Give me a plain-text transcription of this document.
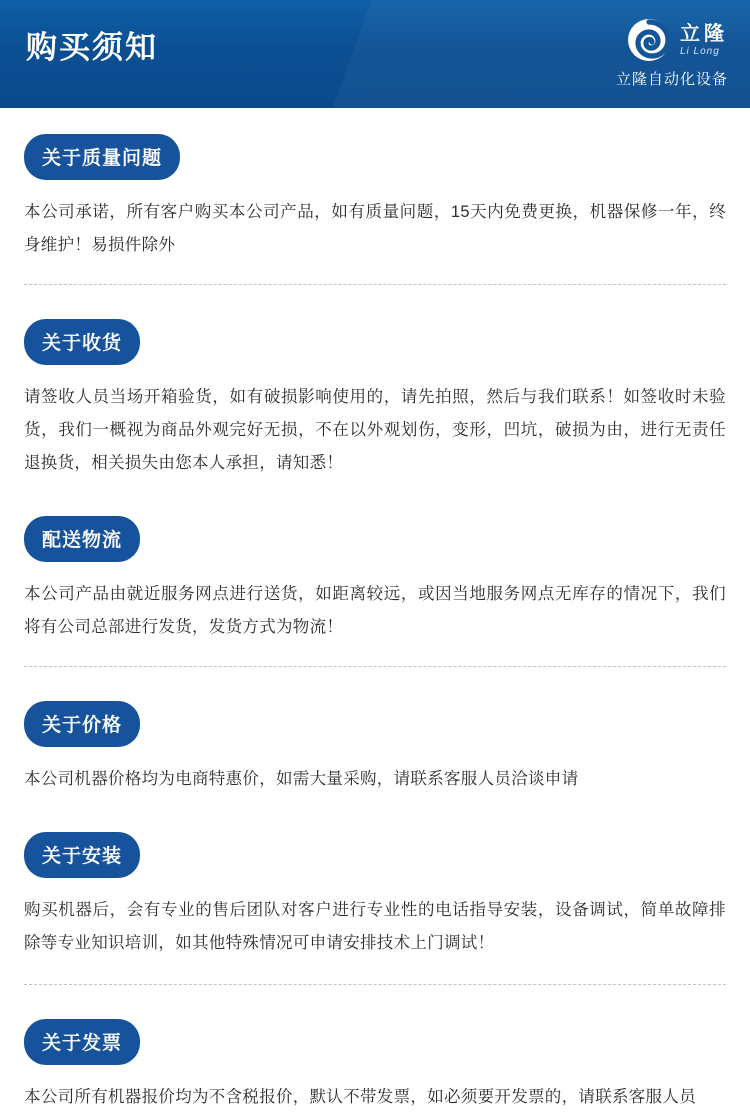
购买须知	立隆
Li Long
立隆自动化设备
关于质量问题

本公司承诺，所有客户购买本公司产品，如有质量问题，15天内免费更换，机器保修一年，终身维护！易损件除外

关于收货

请签收人员当场开箱验货，如有破损影响使用的，请先拍照，然后与我们联系！如签收时未验货，我们一概视为商品外观完好无损，不在以外观划伤，变形，凹坑，破损为由，进行无责任退换货，相关损失由您本人承担，请知悉！

配送物流

本公司产品由就近服务网点进行送货，如距离较远，或因当地服务网点无库存的情况下，我们将有公司总部进行发货，发货方式为物流！

关于价格

本公司机器价格均为电商特惠价，如需大量采购，请联系客服人员洽谈申请

关于安装

购买机器后，会有专业的售后团队对客户进行专业性的电话指导安装，设备调试，简单故障排除等专业知识培训，如其他特殊情况可申请安排技术上门调试！

关于发票

本公司所有机器报价均为不含税报价，默认不带发票，如必须要开发票的，请联系客服人员
